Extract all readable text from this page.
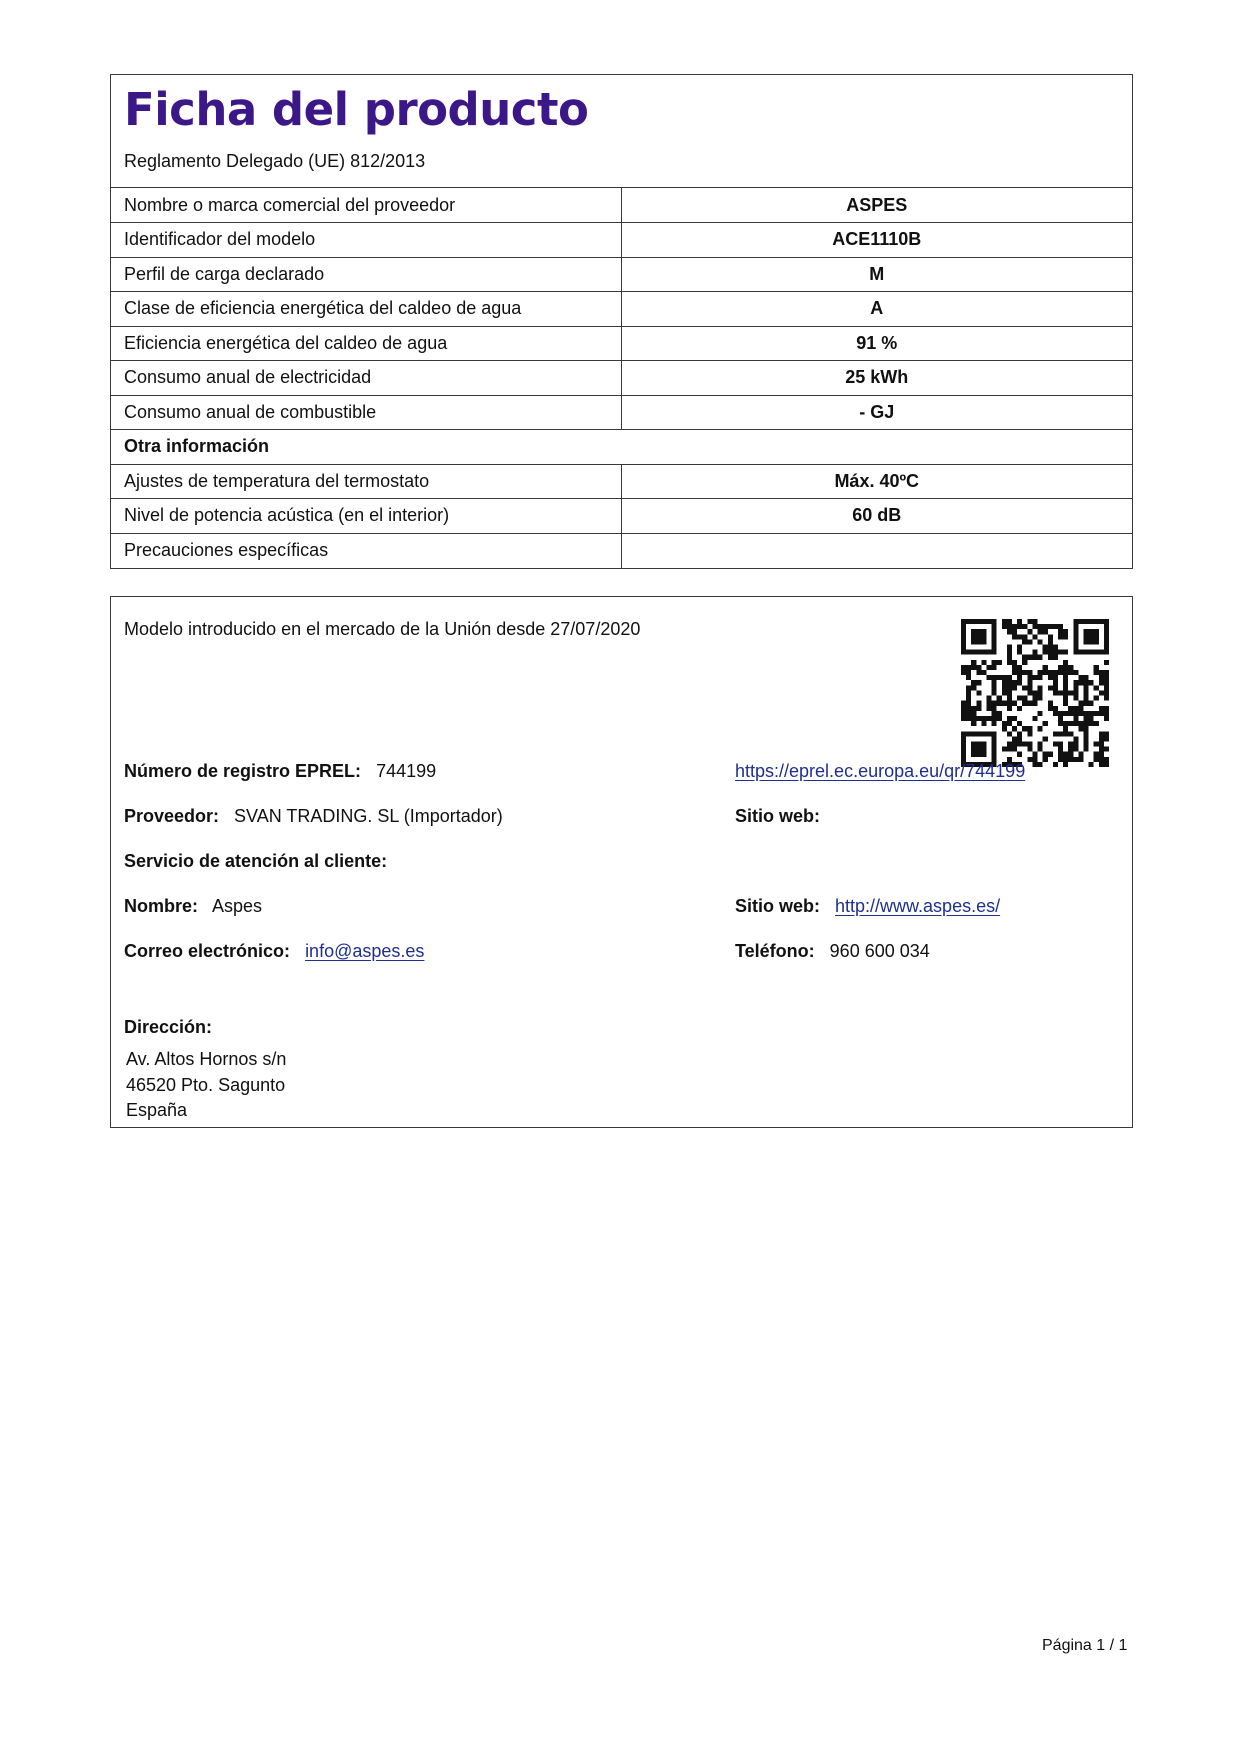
Ficha del producto
Reglamento Delegado (UE) 812/2013
Nombre o marca comercial del proveedor	ASPES
Identificador del modelo	ACE1110B
Perfil de carga declarado	M
Clase de eficiencia energética del caldeo de agua	A
Eficiencia energética del caldeo de agua	91 %
Consumo anual de electricidad	25 kWh
Consumo anual de combustible	- GJ
Otra información	
Ajustes de temperatura del termostato	Máx. 40ºC
Nivel de potencia acústica (en el interior)	60 dB
Precauciones específicas	
Modelo introducido en el mercado de la Unión desde 27/07/2020
Número de registro EPREL: 744199	https://eprel.ec.europa.eu/qr/744199
Proveedor: SVAN TRADING. SL (Importador)	Sitio web:
Servicio de atención al cliente:
Nombre: Aspes	Sitio web: http://www.aspes.es/
Correo electrónico: info@aspes.es	Teléfono: 960 600 034
Dirección:
Av. Altos Hornos s/n
46520 Pto. Sagunto
España
Página 1 / 1
